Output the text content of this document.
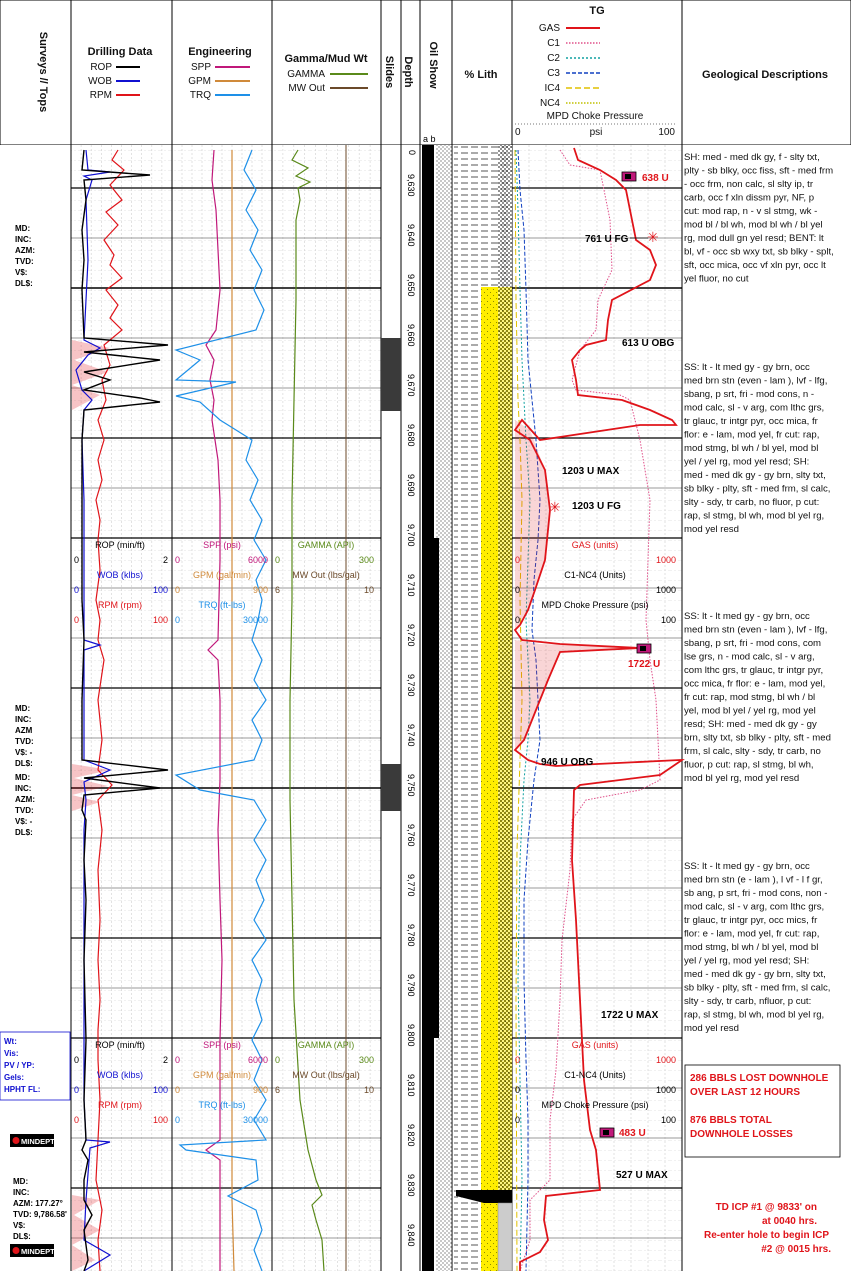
Surveys // Tops	Drilling Data
ROP
WOB
RPM
Engineering
SPP
GPM
TRQ
Gamma/Mud Wt
GAMMA
MW Out
Slides Depth Oil Show % Lith
TG
GAS
C1
C2
C3
IC4
NC4
MPD Choke Pressure
0	psi	100
Geological Descriptions
a b
9,630
9,640
9,650
9,660
9,670
9,680
9,690
9,700
9,710
9,720
9,730
9,740
9,750
9,760
9,770
9,780
9,790
9,800
9,810
9,820
9,830
9,840
0
638 U
761 U FG ✳
613 U OBG
1203 U MAX
1203 U FG
✳
1722 U
946 U OBG
1722 U MAX
483 U
527 U MAX
ROP (min/ft)
0	2
WOB (klbs)
0	100
RPM (rpm)
0	100
SPP (psi)
0	6000
GPM (gal/min)
0	900
TRQ (ft-lbs)
0	30000
GAMMA (API)
0	300
MW Out (lbs/gal)
6	10
GAS (units)
0	1000
C1-NC4 (Units)
0	1000
MPD Choke Pressure (psi)
0	100
ROP (min/ft)
0	2
WOB (klbs)
0	100
RPM (rpm)
0	100
SPP (psi)
0	6000
GPM (gal/min)
0	900
TRQ (ft-lbs)
0	30000
GAMMA (API)
0	300
MW Out (lbs/gal)
6	10
GAS (units)
0	1000
C1-NC4 (Units)
0	1000
MPD Choke Pressure (psi)
0	100
MD:
INC:
AZM:
TVD:
V$:
DL$:
MD:
INC:
AZM
TVD:
V$: -
DL$:
MD:
INC:
AZM:
TVD:
V$: -
DL$:
Wt:
Vis:
PV / YP:
Gels:
HPHT FL:
MINDEPTH
MINDEPTH
MD:
INC:
AZM: 177.27°
TVD: 9,786.58'
V$:
DL$:
SH: med - med dk gy, f - slty txt,
plty - sb blky, occ fiss, sft - med frm
- occ frm, non calc, sl slty ip, tr
carb, occ f xln dissm pyr, NF, p
cut: mod rap, n - v sl stmg, wk -
mod bl / bl wh, mod bl wh / bl yel
rg, mod dull gn yel resd; BENT: lt
bl, vf - occ sb wxy txt, sb blky - splt,
sft, occ mica, occ vf xln pyr, occ lt
yel fluor, no cut
SS: lt - lt med gy - gy brn, occ
med brn stn (even - lam ), lvf - lfg,
sbang, p srt, fri - mod cons, n -
mod calc, sl - v arg, com lthc grs,
tr glauc, tr intgr pyr, occ mica, fr
flor: e - lam, mod yel, fr cut: rap,
mod stmg, bl wh / bl yel, mod bl
yel / yel rg, mod yel resd; SH:
med - med dk gy - gy brn, slty txt,
sb blky - plty, sft - med frm, sl calc,
slty - sdy, tr carb, no fluor, p cut:
rap, sl stmg, bl wh, mod bl yel rg,
mod yel resd
SS: lt - lt med gy - gy brn, occ
med brn stn (even - lam ), lvf - lfg,
sbang, p srt, fri - mod cons, com
lse grs, n - mod calc, sl - v arg,
com lthc grs, tr glauc, tr intgr pyr,
occ mica, fr flor: e - lam, mod yel,
fr cut: rap, mod stmg, bl wh / bl
yel, mod bl yel / yel rg, mod yel
resd; SH: med - med dk gy - gy
brn, slty txt, sb blky - plty, sft - med
frm, sl calc, slty - sdy, tr carb, no
fluor, p cut: rap, sl stmg, bl wh,
mod bl yel rg, mod yel resd
SS: lt - lt med gy - gy brn, occ
med brn stn (e - lam ), l vf - l f gr,
sb ang, p srt, fri - mod cons, non -
mod calc, sl - v arg, com lthc grs,
tr glauc, tr intgr pyr, occ mics, fr
flor: e - lam, mod yel, fr cut: rap,
mod stmg, bl wh / bl yel, mod bl
yel / yel rg, mod yel resd; SH:
med - med dk gy - gy brn, slty txt,
sb blky - plty, sft - med frm, sl calc,
slty - sdy, tr carb, nfluor, p cut:
rap, sl stmg, bl wh, mod bl yel rg,
mod yel resd
286 BBLS LOST DOWNHOLE
OVER LAST 12 HOURS
876 BBLS TOTAL
DOWNHOLE LOSSES
TD ICP #1 @ 9833' on
at 0040 hrs.
Re-enter hole to begin ICP
#2 @ 0015 hrs.
